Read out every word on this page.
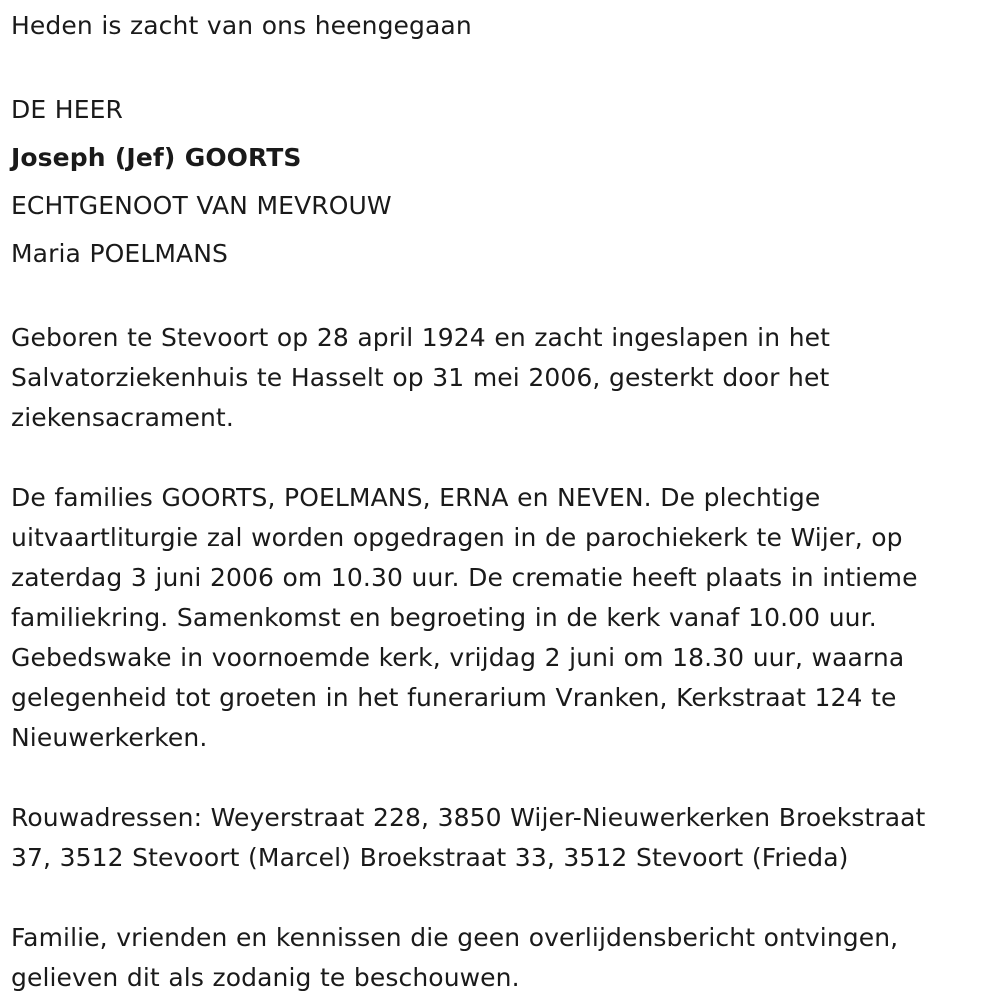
Heden is zacht van ons heengegaan
DE HEER
Joseph (Jef) GOORTS
ECHTGENOOT VAN MEVROUW
Maria POELMANS
Geboren te Stevoort op 28 april 1924 en zacht ingeslapen in het
Salvatorziekenhuis te Hasselt op 31 mei 2006, gesterkt door het
ziekensacrament.
De families GOORTS, POELMANS, ERNA en NEVEN. De plechtige
uitvaartliturgie zal worden opgedragen in de parochiekerk te Wijer, op
zaterdag 3 juni 2006 om 10.30 uur. De crematie heeft plaats in intieme
familiekring. Samenkomst en begroeting in de kerk vanaf 10.00 uur.
Gebedswake in voornoemde kerk, vrijdag 2 juni om 18.30 uur, waarna
gelegenheid tot groeten in het funerarium Vranken, Kerkstraat 124 te
Nieuwerkerken.
Rouwadressen: Weyerstraat 228, 3850 Wijer-Nieuwerkerken Broekstraat
37, 3512 Stevoort (Marcel) Broekstraat 33, 3512 Stevoort (Frieda)
Familie, vrienden en kennissen die geen overlijdensbericht ontvingen,
gelieven dit als zodanig te beschouwen.
